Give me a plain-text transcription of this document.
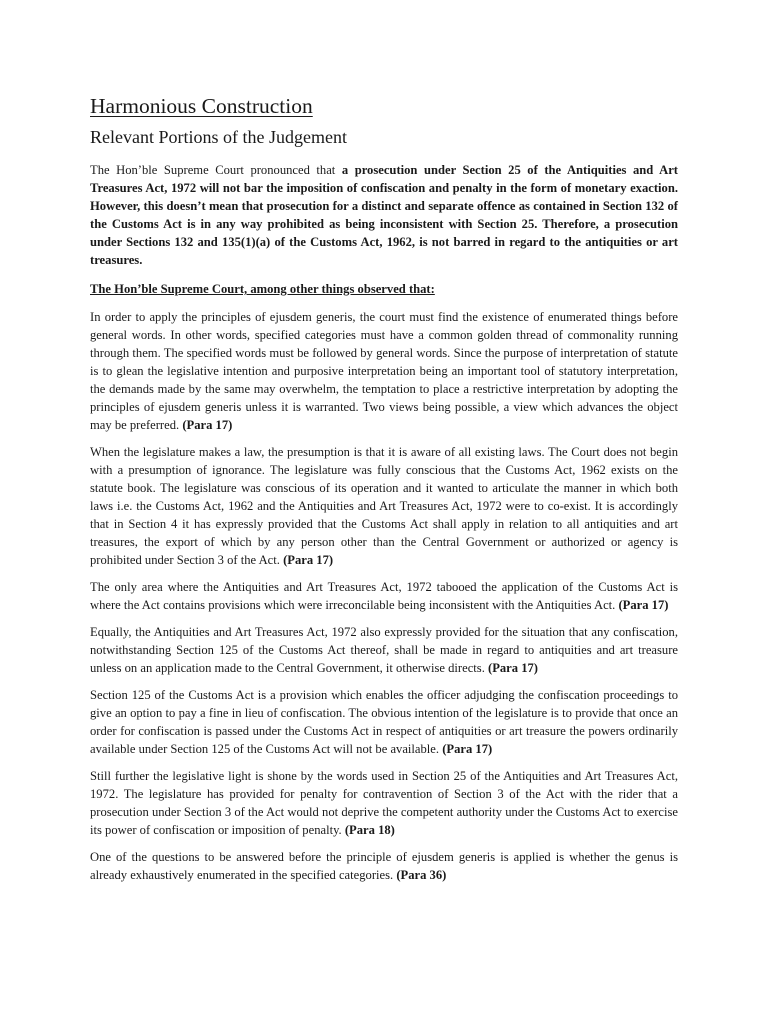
Harmonious Construction
Relevant Portions of the Judgement

The Hon’ble Supreme Court pronounced that a prosecution under Section 25 of the Antiquities and Art Treasures Act, 1972 will not bar the imposition of confiscation and penalty in the form of monetary exaction. However, this doesn’t mean that prosecution for a distinct and separate offence as contained in Section 132 of the Customs Act is in any way prohibited as being inconsistent with Section 25. Therefore, a prosecution under Sections 132 and 135(1)(a) of the Customs Act, 1962, is not barred in regard to the antiquities or art treasures.

The Hon’ble Supreme Court, among other things observed that:

In order to apply the principles of ejusdem generis, the court must find the existence of enumerated things before general words. In other words, specified categories must have a common golden thread of commonality running through them. The specified words must be followed by general words. Since the purpose of interpretation of statute is to glean the legislative intention and purposive interpretation being an important tool of statutory interpretation, the demands made by the same may overwhelm, the temptation to place a restrictive interpretation by adopting the principles of ejusdem generis unless it is warranted. Two views being possible, a view which advances the object may be preferred. (Para 17)

When the legislature makes a law, the presumption is that it is aware of all existing laws. The Court does not begin with a presumption of ignorance. The legislature was fully conscious that the Customs Act, 1962 exists on the statute book. The legislature was conscious of its operation and it wanted to articulate the manner in which both laws i.e. the Customs Act, 1962 and the Antiquities and Art Treasures Act, 1972 were to co-exist. It is accordingly that in Section 4 it has expressly provided that the Customs Act shall apply in relation to all antiquities and art treasures, the export of which by any person other than the Central Government or authorized or agency is prohibited under Section 3 of the Act. (Para 17)

The only area where the Antiquities and Art Treasures Act, 1972 tabooed the application of the Customs Act is where the Act contains provisions which were irreconcilable being inconsistent with the Antiquities Act. (Para 17)

Equally, the Antiquities and Art Treasures Act, 1972 also expressly provided for the situation that any confiscation, notwithstanding Section 125 of the Customs Act thereof, shall be made in regard to antiquities and art treasure unless on an application made to the Central Government, it otherwise directs. (Para 17)

Section 125 of the Customs Act is a provision which enables the officer adjudging the confiscation proceedings to give an option to pay a fine in lieu of confiscation. The obvious intention of the legislature is to provide that once an order for confiscation is passed under the Customs Act in respect of antiquities or art treasure the powers ordinarily available under Section 125 of the Customs Act will not be available. (Para 17)

Still further the legislative light is shone by the words used in Section 25 of the Antiquities and Art Treasures Act, 1972. The legislature has provided for penalty for contravention of Section 3 of the Act with the rider that a prosecution under Section 3 of the Act would not deprive the competent authority under the Customs Act to exercise its power of confiscation or imposition of penalty. (Para 18)

One of the questions to be answered before the principle of ejusdem generis is applied is whether the genus is already exhaustively enumerated in the specified categories. (Para 36)
